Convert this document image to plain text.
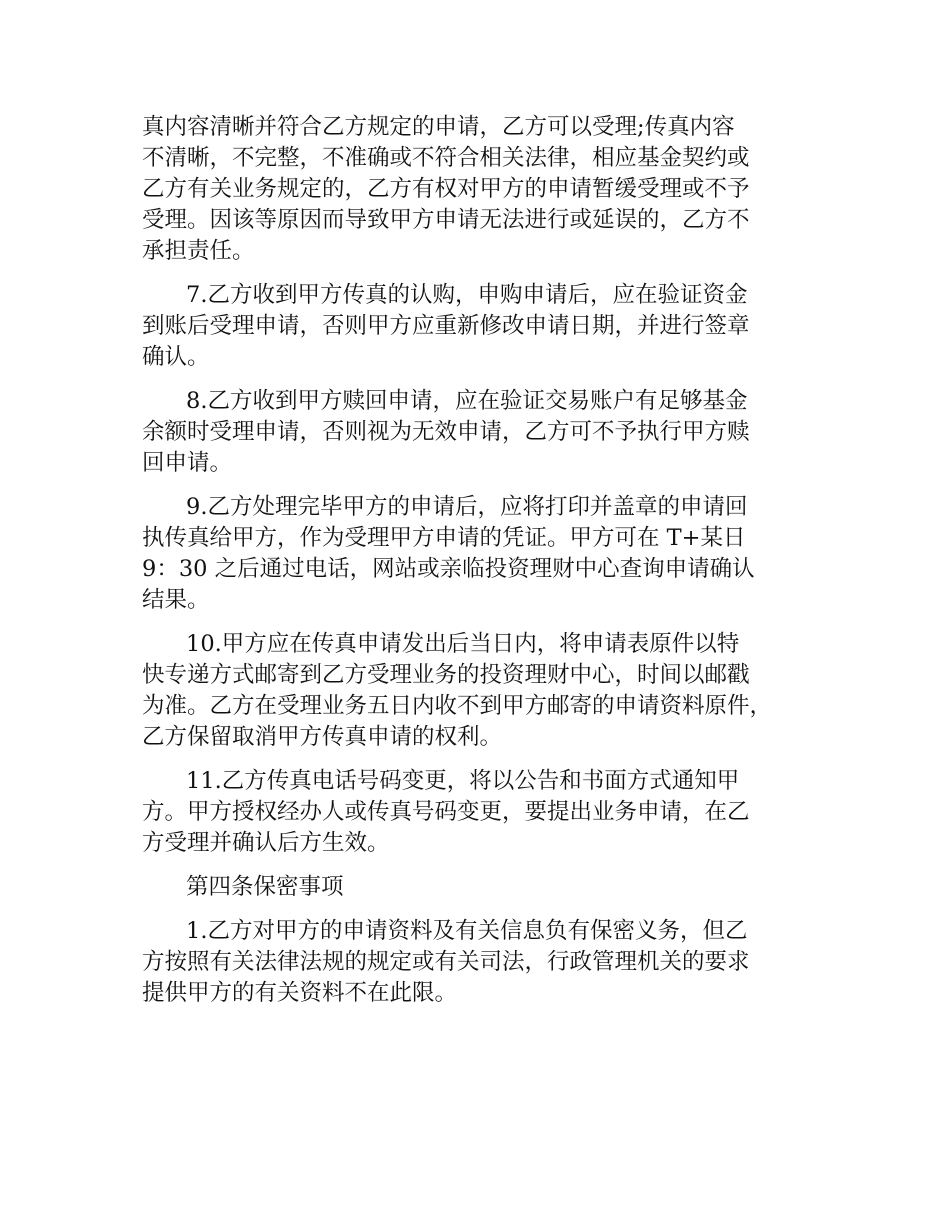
真内容清晰并符合乙方规定的申请，乙方可以受理;传真内容
不清晰，不完整，不准确或不符合相关法律，相应基金契约或
乙方有关业务规定的，乙方有权对甲方的申请暂缓受理或不予
受理。因该等原因而导致甲方申请无法进行或延误的，乙方不
承担责任。

7.乙方收到甲方传真的认购，申购申请后，应在验证资金
到账后受理申请，否则甲方应重新修改申请日期，并进行签章
确认。

8.乙方收到甲方赎回申请，应在验证交易账户有足够基金
余额时受理申请，否则视为无效申请，乙方可不予执行甲方赎
回申请。

9.乙方处理完毕甲方的申请后，应将打印并盖章的申请回
执传真给甲方，作为受理甲方申请的凭证。甲方可在 T+某日
9：30 之后通过电话，网站或亲临投资理财中心查询申请确认
结果。

10.甲方应在传真申请发出后当日内，将申请表原件以特
快专递方式邮寄到乙方受理业务的投资理财中心，时间以邮戳
为准。乙方在受理业务五日内收不到甲方邮寄的申请资料原件，
乙方保留取消甲方传真申请的权利。

11.乙方传真电话号码变更，将以公告和书面方式通知甲
方。甲方授权经办人或传真号码变更，要提出业务申请，在乙
方受理并确认后方生效。

第四条保密事项

1.乙方对甲方的申请资料及有关信息负有保密义务，但乙
方按照有关法律法规的规定或有关司法，行政管理机关的要求
提供甲方的有关资料不在此限。
